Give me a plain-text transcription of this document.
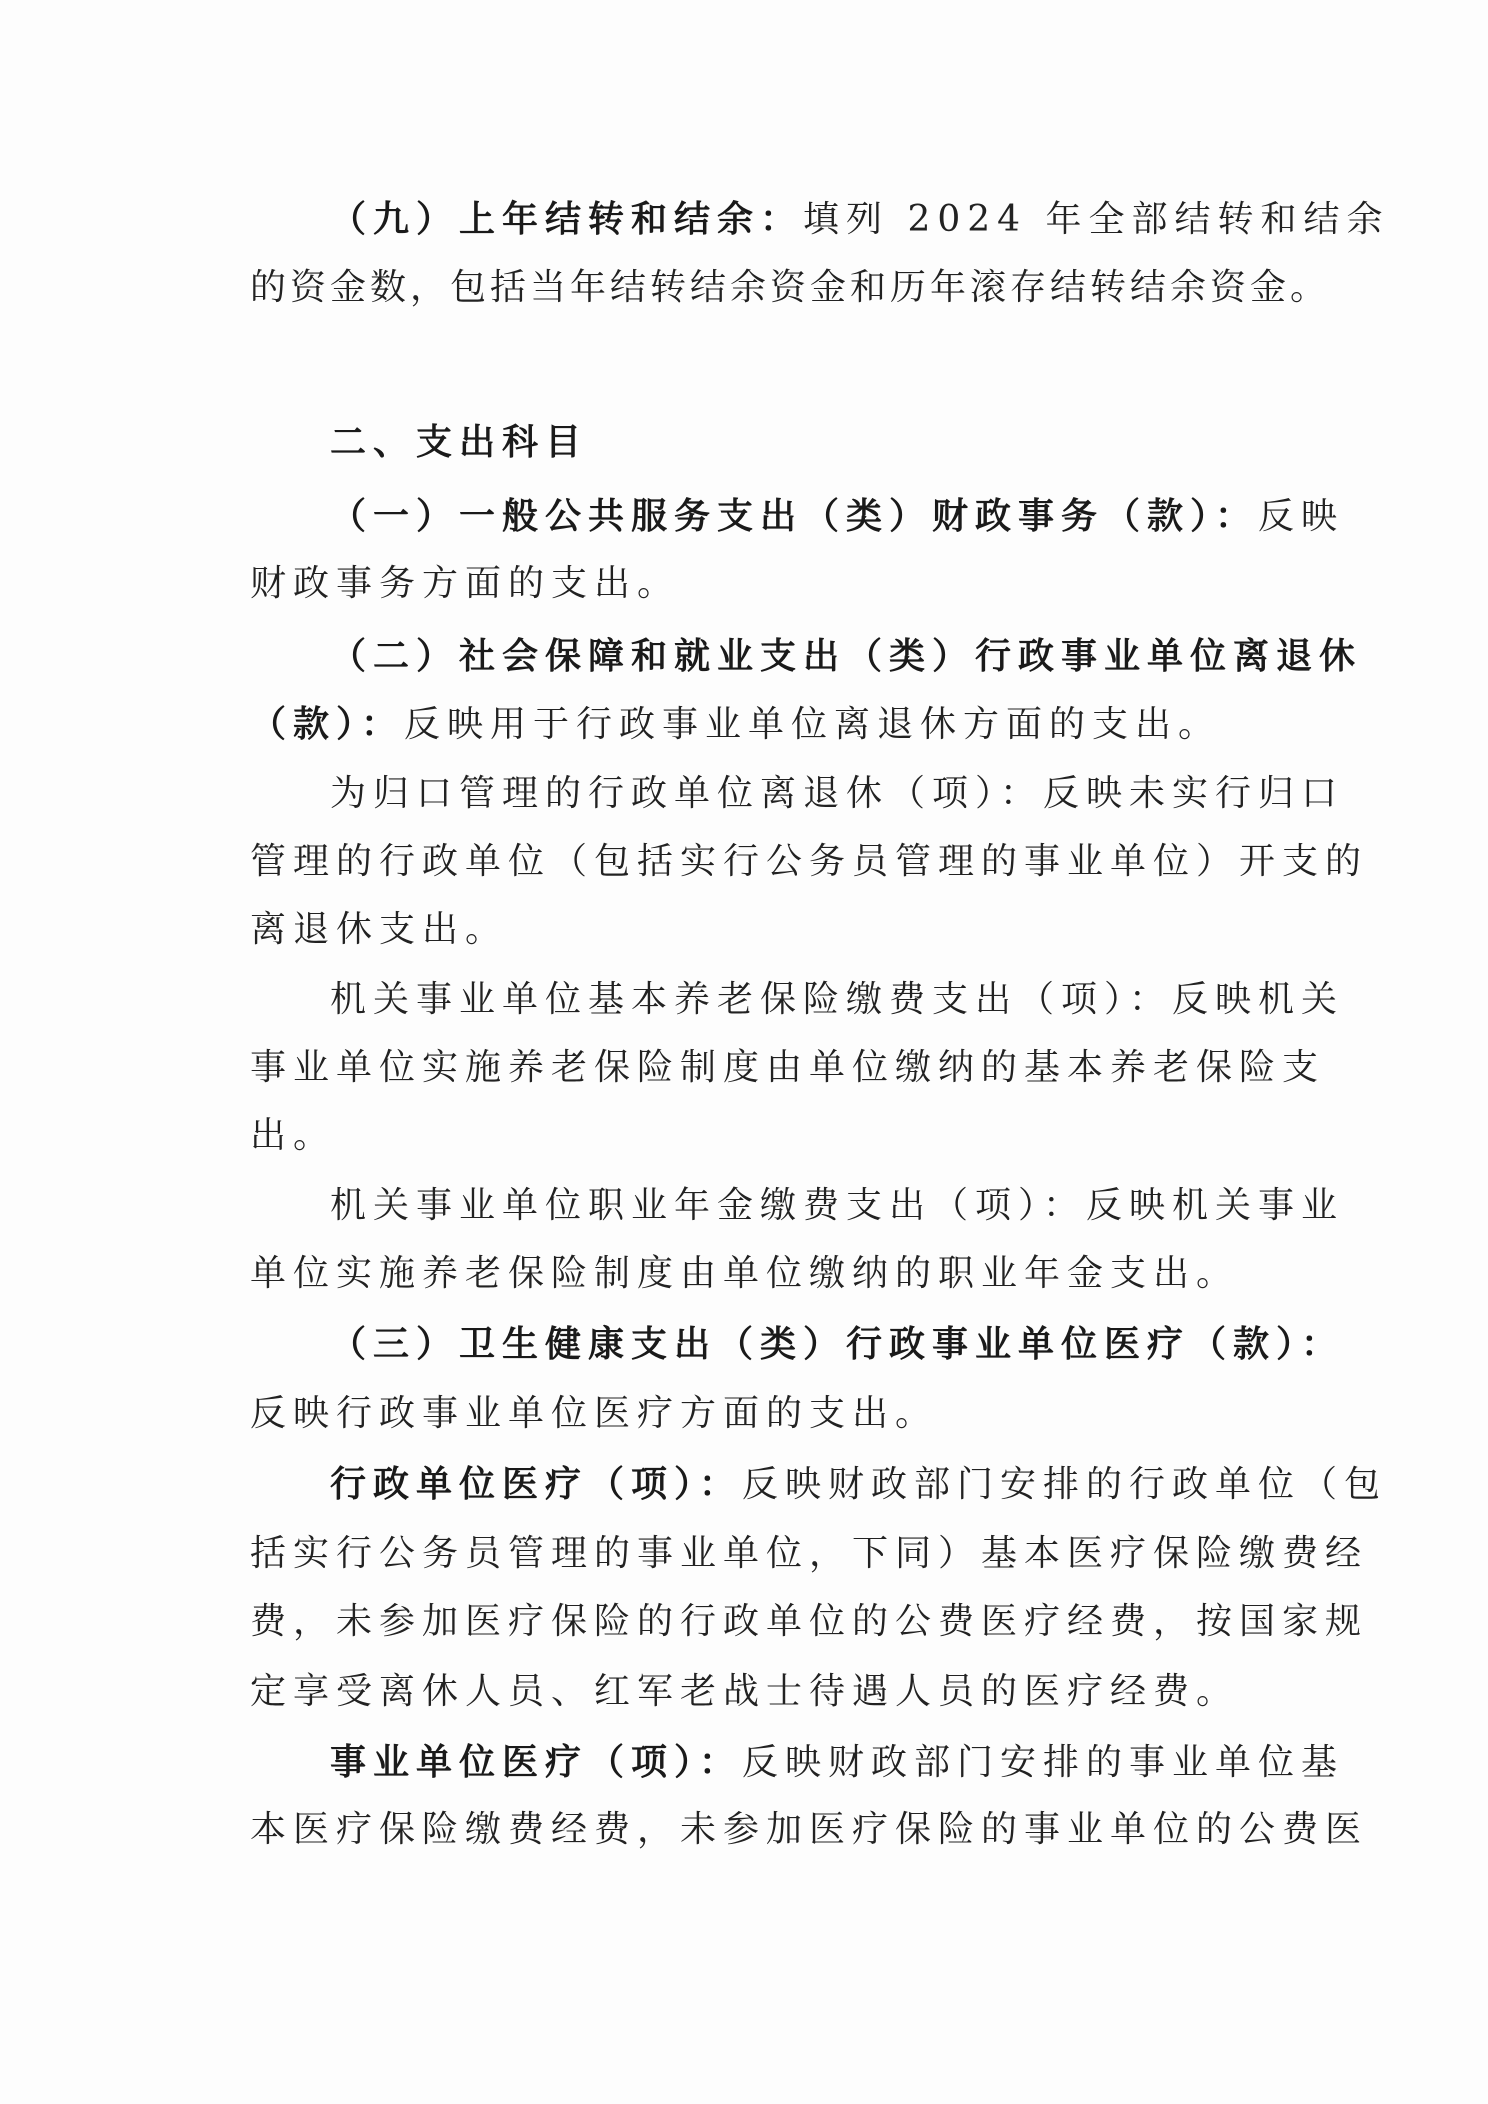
（九）上年结转和结余：填列 2024 年全部结转和结余
的资金数，包括当年结转结余资金和历年滚存结转结余资金。
二、支出科目
（一）一般公共服务支出（类）财政事务（款）：反映
财政事务方面的支出。
（二）社会保障和就业支出（类）行政事业单位离退休
（款）：反映用于行政事业单位离退休方面的支出。
为归口管理的行政单位离退休（项）：反映未实行归口
管理的行政单位（包括实行公务员管理的事业单位）开支的
离退休支出。
机关事业单位基本养老保险缴费支出（项）：反映机关
事业单位实施养老保险制度由单位缴纳的基本养老保险支
出。
机关事业单位职业年金缴费支出（项）：反映机关事业
单位实施养老保险制度由单位缴纳的职业年金支出。
（三）卫生健康支出（类）行政事业单位医疗（款）：
反映行政事业单位医疗方面的支出。
行政单位医疗（项）：反映财政部门安排的行政单位（包
括实行公务员管理的事业单位，下同）基本医疗保险缴费经
费，未参加医疗保险的行政单位的公费医疗经费，按国家规
定享受离休人员、红军老战士待遇人员的医疗经费。
事业单位医疗（项）：反映财政部门安排的事业单位基
本医疗保险缴费经费，未参加医疗保险的事业单位的公费医
